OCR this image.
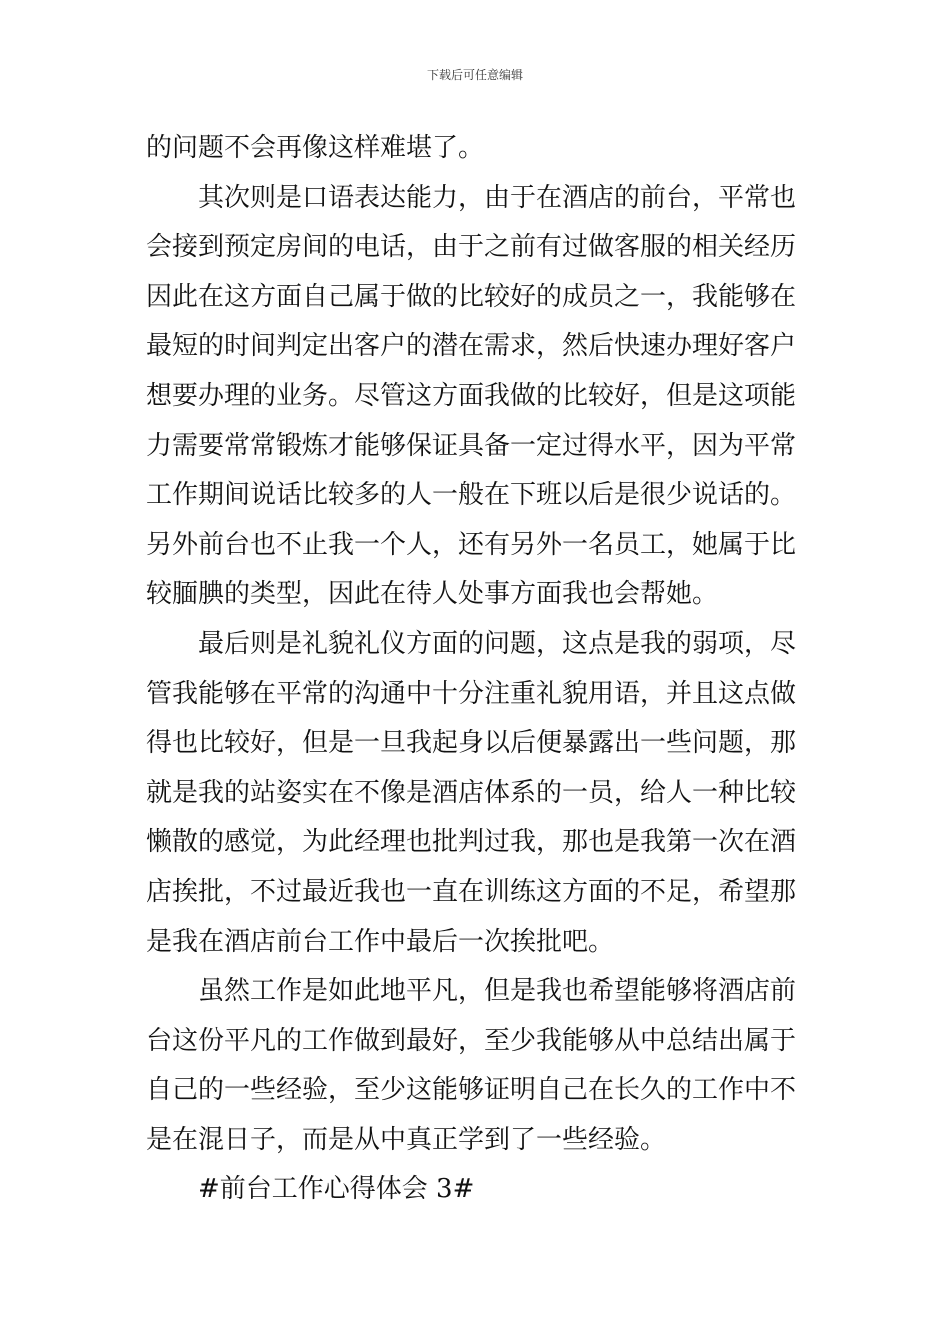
下载后可任意编辑
的问题不会再像这样难堪了。
其次则是口语表达能力，由于在酒店的前台，平常也
会接到预定房间的电话，由于之前有过做客服的相关经历
因此在这方面自己属于做的比较好的成员之一，我能够在
最短的时间判定出客户的潜在需求，然后快速办理好客户
想要办理的业务。尽管这方面我做的比较好，但是这项能
力需要常常锻炼才能够保证具备一定过得水平，因为平常
工作期间说话比较多的人一般在下班以后是很少说话的。
另外前台也不止我一个人，还有另外一名员工，她属于比
较腼腆的类型，因此在待人处事方面我也会帮她。
最后则是礼貌礼仪方面的问题，这点是我的弱项，尽
管我能够在平常的沟通中十分注重礼貌用语，并且这点做
得也比较好，但是一旦我起身以后便暴露出一些问题，那
就是我的站姿实在不像是酒店体系的一员，给人一种比较
懒散的感觉，为此经理也批判过我，那也是我第一次在酒
店挨批，不过最近我也一直在训练这方面的不足，希望那
是我在酒店前台工作中最后一次挨批吧。
虽然工作是如此地平凡，但是我也希望能够将酒店前
台这份平凡的工作做到最好，至少我能够从中总结出属于
自己的一些经验，至少这能够证明自己在长久的工作中不
是在混日子，而是从中真正学到了一些经验。
#前台工作心得体会 3#
